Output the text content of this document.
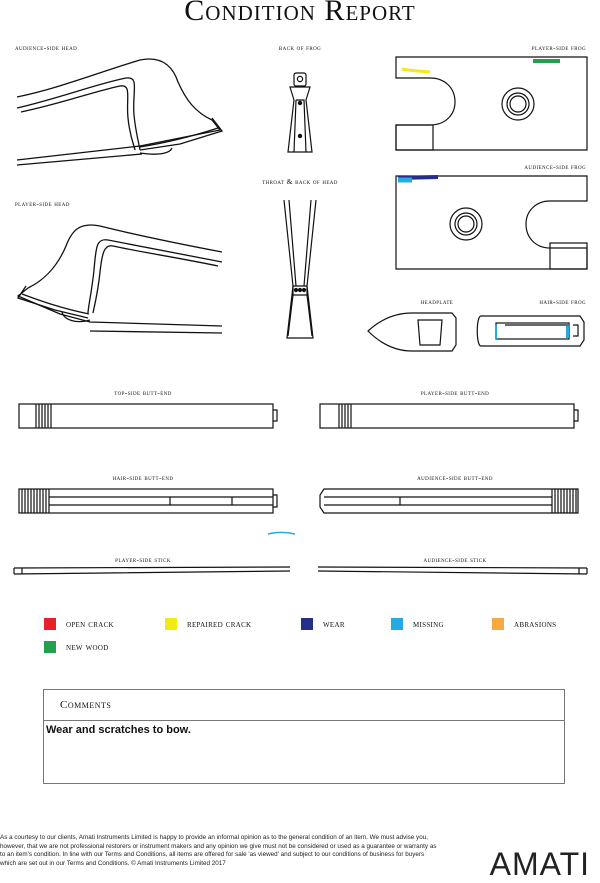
Condition Report
audience-side head	back of frog	player-side frog
audience-side frog
throat & back of head
player-side head
headplate	hair-side frog
top-side butt-end	player-side butt-end
hair-side butt-end	audience-side butt-end
player-side stick	audience-side stick
open crack	repaired crack	wear	missing	abrasions
new wood
Comments
Wear and scratches to bow.
As a courtesy to our clients, Amati Instruments Limited is happy to provide an informal opinion as to the general condition of an item. We must advise you, however, that we are not professional restorers or instrument makers and any opinion we give must not be considered or used as a guarantee or warranty as to an item's condition. In line with our Terms and Conditions, all items are offered for sale 'as viewed' and subject to our conditions of business for buyers which are set out in our Terms and Conditions. © Amati Instruments Limited 2017	AMATI
